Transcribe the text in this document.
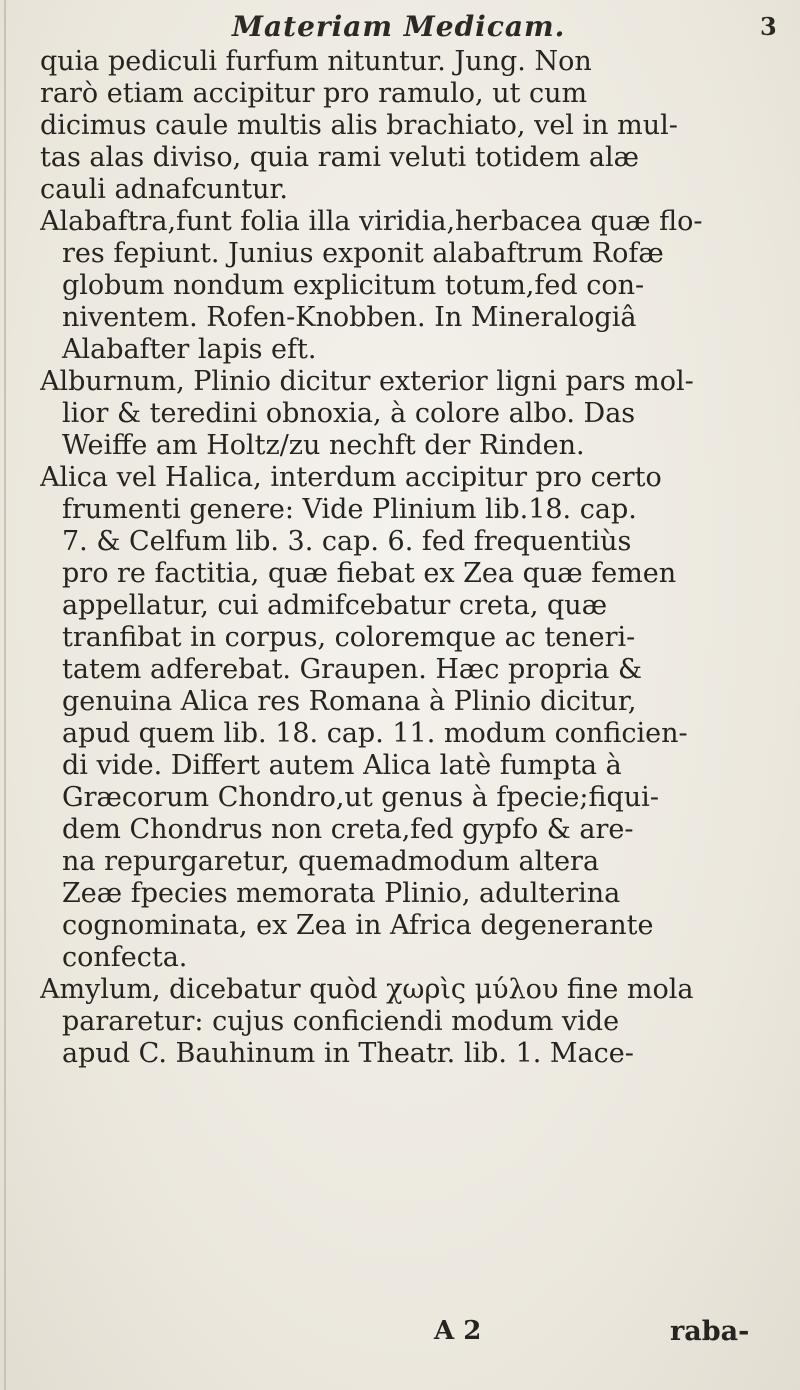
Materiam Medicam.	3
quia pediculi furfum nituntur. Jung. Non
rarò etiam accipitur pro ramulo, ut cum
dicimus caule multis alis brachiato, vel in mul-
tas alas diviso, quia rami veluti totidem alæ
cauli adnafcuntur.
Alabaftra,funt folia illa viridia,herbacea quæ flo-
res fepiunt. Junius exponit alabaftrum Rofæ
globum nondum explicitum totum,fed con-
niventem. Rofen-Knobben. In Mineralogiâ
Alabafter lapis eft.
Alburnum, Plinio dicitur exterior ligni pars mol-
lior & teredini obnoxia, à colore albo. Das
Weiffe am Holtz/zu nechft der Rinden.
Alica vel Halica, interdum accipitur pro certo
frumenti genere: Vide Plinium lib.18. cap.
7. & Celfum lib. 3. cap. 6. fed frequentiùs
pro re factitia, quæ fiebat ex Zea quæ femen
appellatur, cui admifcebatur creta, quæ
tranfibat in corpus, coloremque ac teneri-
tatem adferebat. Graupen. Hæc propria &
genuina Alica res Romana à Plinio dicitur,
apud quem lib. 18. cap. 11. modum conficien-
di vide. Differt autem Alica latè fumpta à
Græcorum Chondro,ut genus à fpecie;fiqui-
dem Chondrus non creta,fed gypfo & are-
na repurgaretur, quemadmodum altera
Zeæ fpecies memorata Plinio, adulterina
cognominata, ex Zea in Africa degenerante
confecta.
Amylum, dicebatur quòd χωρὶς μύλου fine mola
pararetur: cujus conficiendi modum vide
apud C. Bauhinum in Theatr. lib. 1. Mace-
A 2	raba-
